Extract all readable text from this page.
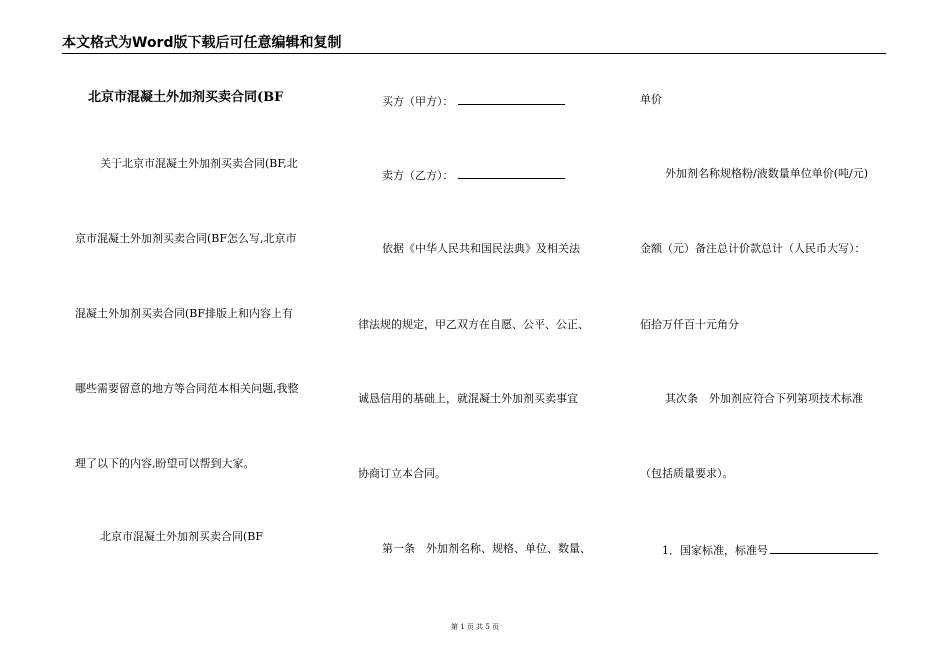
本文格式为Word版下载后可任意编辑和复制
北京市混凝土外加剂买卖合同(BF
关于北京市混凝土外加剂买卖合同(BF,北
京市混凝土外加剂买卖合同(BF怎么写,北京市
混凝土外加剂买卖合同(BF排版上和内容上有
哪些需要留意的地方等合同范本相关问题,我整
理了以下的内容,盼望可以帮到大家。
北京市混凝土外加剂买卖合同(BF
买方（甲方）：
卖方（乙方）：
依据《中华人民共和国民法典》及相关法
律法规的规定，甲乙双方在自愿、公平、公正、
诚恳信用的基础上，就混凝土外加剂买卖事宜
协商订立本合同。
第一条　外加剂名称、规格、单位、数量、
单价
外加剂名称规格粉/液数量单位单价(吨/元)
金额（元）备注总计价款总计（人民币大写）：
佰拾万仟百十元角分
其次条　外加剂应符合下列第项技术标准
（包括质量要求）。
1．国家标准，标准号
第 1 页 共 5 页
